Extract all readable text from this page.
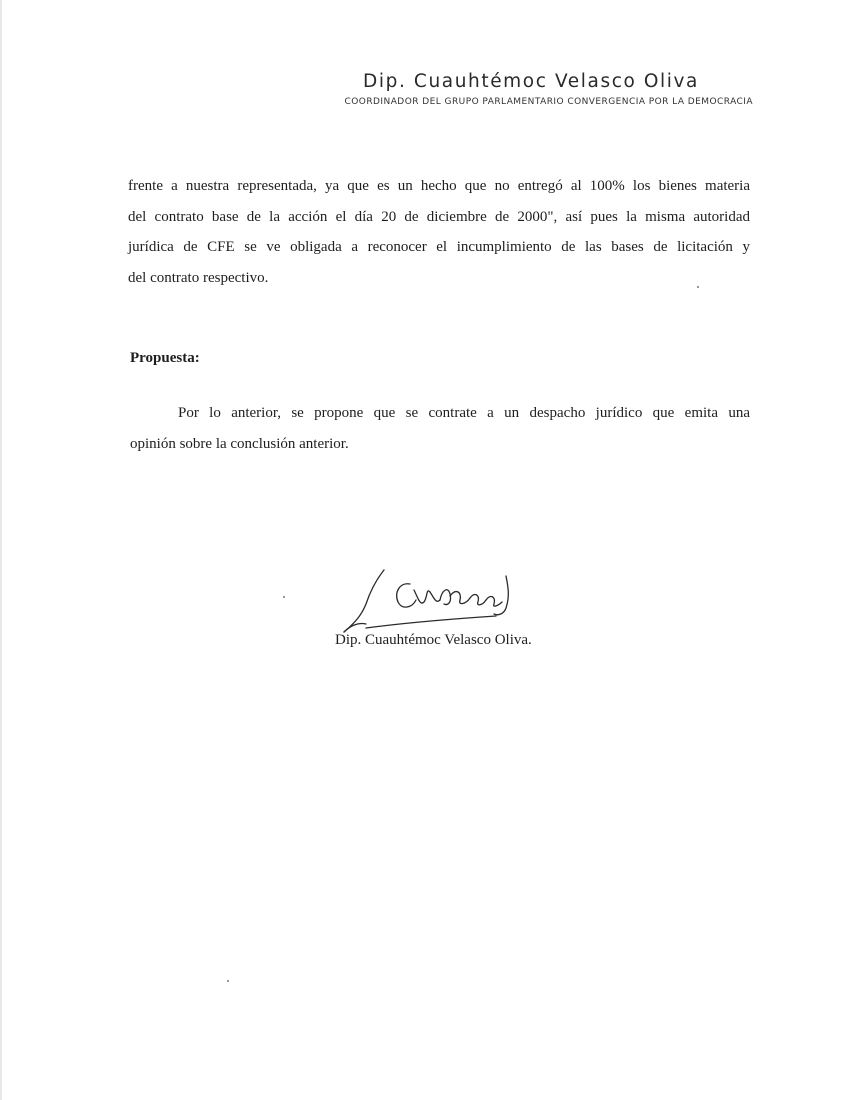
Dip. Cuauhtémoc Velasco Oliva
COORDINADOR DEL GRUPO PARLAMENTARIO CONVERGENCIA POR LA DEMOCRACIA

frente a nuestra representada, ya que es un hecho que no entregó al 100% los bienes materia
del contrato base de la acción el día 20 de diciembre de 2000", así pues la misma autoridad
jurídica de CFE se ve obligada a reconocer el incumplimiento de las bases de licitación y
del contrato respectivo.

Propuesta:

Por lo anterior, se propone que se contrate a un despacho jurídico que emita una
opinión sobre la conclusión anterior.

Dip. Cuauhtémoc Velasco Oliva.
